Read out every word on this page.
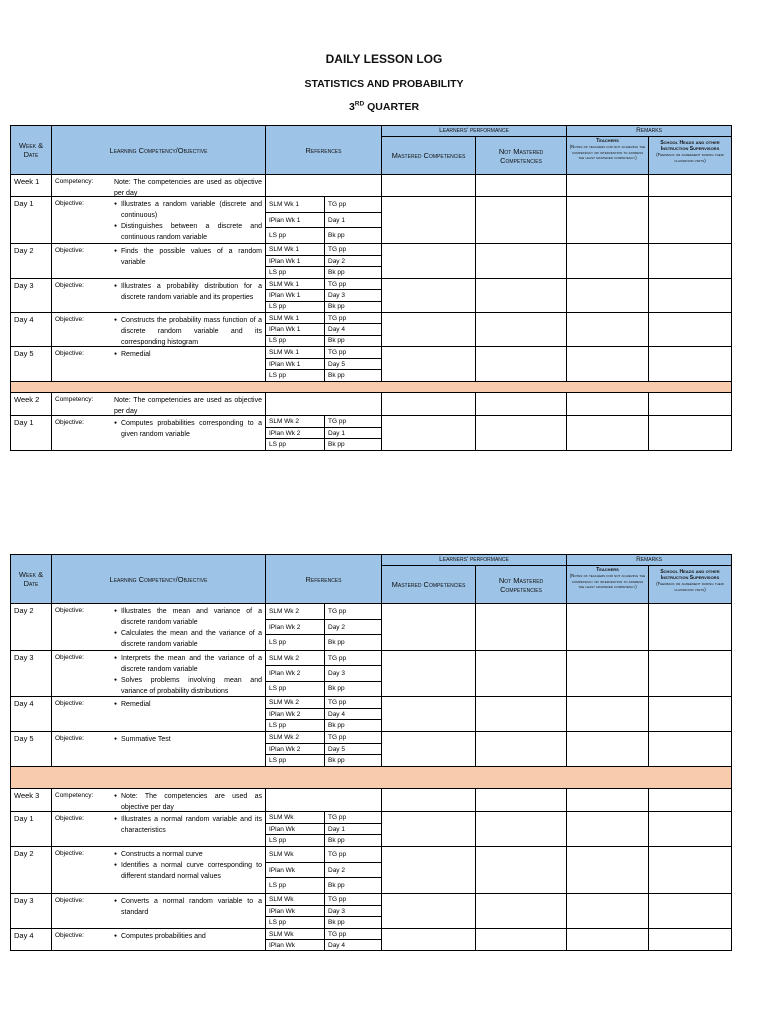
DAILY LESSON LOG
STATISTICS AND PROBABILITY
3RD QUARTER
Week & Date	Learning Competency/Objective	References
Learners' performance	Remarks
Mastered Competencies	Not Mastered Competencies
Teachers
(Notes of teachers for not achieving the competency or intervention to address the least mastered competency)
School Heads and other Instruction Supervisors
(Feedback or agreement during their classroom visits)
Week 1	Competency:	Note: The competencies are used as objective per day
Day 1	Objective:	● Illustrates a random variable (discrete and continuous)
● Distinguishes between a discrete and continuous random variable
SLM Wk 1	TG pp
IPlan Wk 1	Day 1
LS pp	Bk pp
Day 2	Objective:	● Finds the possible values of a random variable
SLM Wk 1	TG pp
IPlan Wk 1	Day 2
LS pp	Bk pp
Day 3	Objective:	● Illustrates a probability distribution for a discrete random variable and its properties
SLM Wk 1	TG pp
IPlan Wk 1	Day 3
LS pp	Bk pp
Day 4	Objective:	● Constructs the probability mass function of a discrete random variable and its corresponding histogram
SLM Wk 1	TG pp
IPlan Wk 1	Day 4
LS pp	Bk pp
Day 5	Objective:	● Remedial	SLM Wk 1	TG pp
IPlan Wk 1	Day 5
LS pp	Bk pp
Week 2	Competency:	Note: The competencies are used as objective per day
Day 1	Objective:	● Computes probabilities corresponding to a given random variable
SLM Wk 2	TG pp
IPlan Wk 2	Day 1
LS pp	Bk pp
Week & Date	Learning Competency/Objective	References
Learners' performance	Remarks
Mastered Competencies	Not Mastered Competencies
Teachers
(Notes of teachers for not achieving the competency or intervention to address the least mastered competency)
School Heads and other Instruction Supervisors
(Feedback or agreement during their classroom visits)
Day 2	Objective:	● Illustrates the mean and variance of a discrete random variable
● Calculates the mean and the variance of a discrete random variable
SLM Wk 2	TG pp
IPlan Wk 2	Day 2
LS pp	Bk pp
Day 3	Objective:	● Interprets the mean and the variance of a discrete random variable
● Solves problems involving mean and variance of probability distributions
SLM Wk 2	TG pp
IPlan Wk 2	Day 3
LS pp	Bk pp
Day 4	Objective:	● Remedial	SLM Wk 2	TG pp
IPlan Wk 2	Day 4
LS pp	Bk pp
Day 5	Objective:	● Summative Test	SLM Wk 2	TG pp
IPlan Wk 2	Day 5
LS pp	Bk pp
Week 3	Competency:	● Note: The competencies are used as objective per day
Day 1	Objective:	● Illustrates a normal random variable and its characteristics
SLM Wk	TG pp
IPlan Wk	Day 1
LS pp	Bk pp
Day 2	Objective:	● Constructs a normal curve
● Identifies a normal curve corresponding to different standard normal values
SLM Wk	TG pp
IPlan Wk	Day 2
LS pp	Bk pp
Day 3	Objective:	● Converts a normal random variable to a standard
SLM Wk	TG pp
IPlan Wk	Day 3
LS pp	Bk pp
Day 4	Objective:	● Computes probabilities and	SLM Wk	TG pp
IPlan Wk	Day 4
